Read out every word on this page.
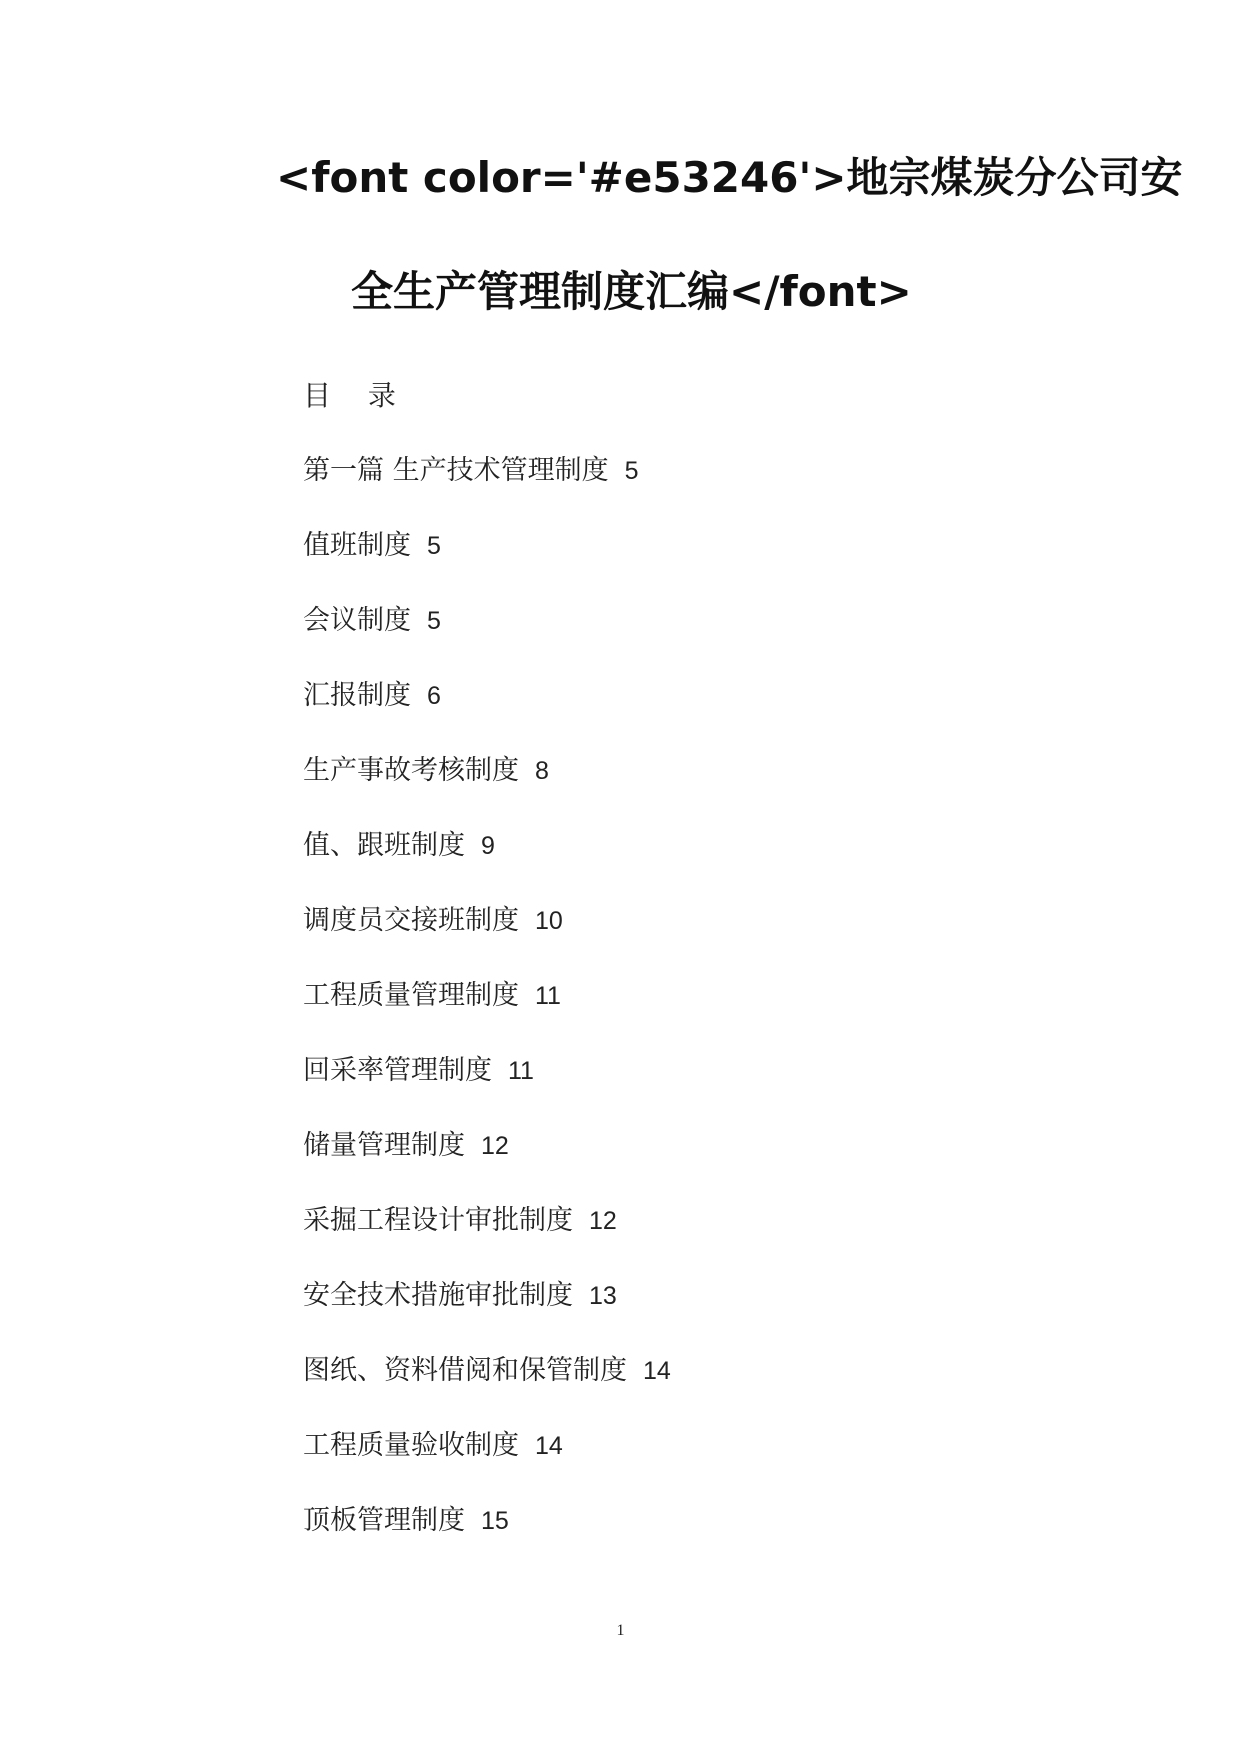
<font color='#e53246'>地宗煤炭分公司安
全生产管理制度汇编</font>
目 录
第一篇 生产技术管理制度 5
值班制度 5
会议制度 5
汇报制度 6
生产事故考核制度 8
值、跟班制度 9
调度员交接班制度 10
工程质量管理制度 11
回采率管理制度 11
储量管理制度 12
采掘工程设计审批制度 12
安全技术措施审批制度 13
图纸、资料借阅和保管制度 14
工程质量验收制度 14
顶板管理制度 15
1
